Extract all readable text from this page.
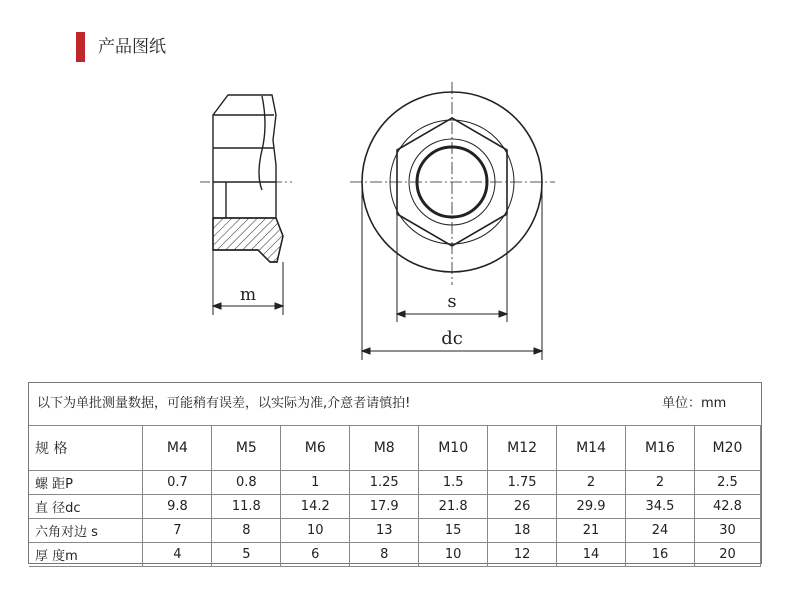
产品图纸
m	s
dc
以下为单批测量数据，可能稍有误差，以实际为准,介意者请慎拍!	单位：mm
规 格	M4	M5	M6	M8	M10	M12	M14	M16	M20
螺 距P	0.7	0.8	1	1.25	1.5	1.75	2	2	2.5
直 径dc	9.8	11.8	14.2	17.9	21.8	26	29.9	34.5	42.8
六角对边 s	7	8	10	13	15	18	21	24	30
厚 度m	4	5	6	8	10	12	14	16	20
